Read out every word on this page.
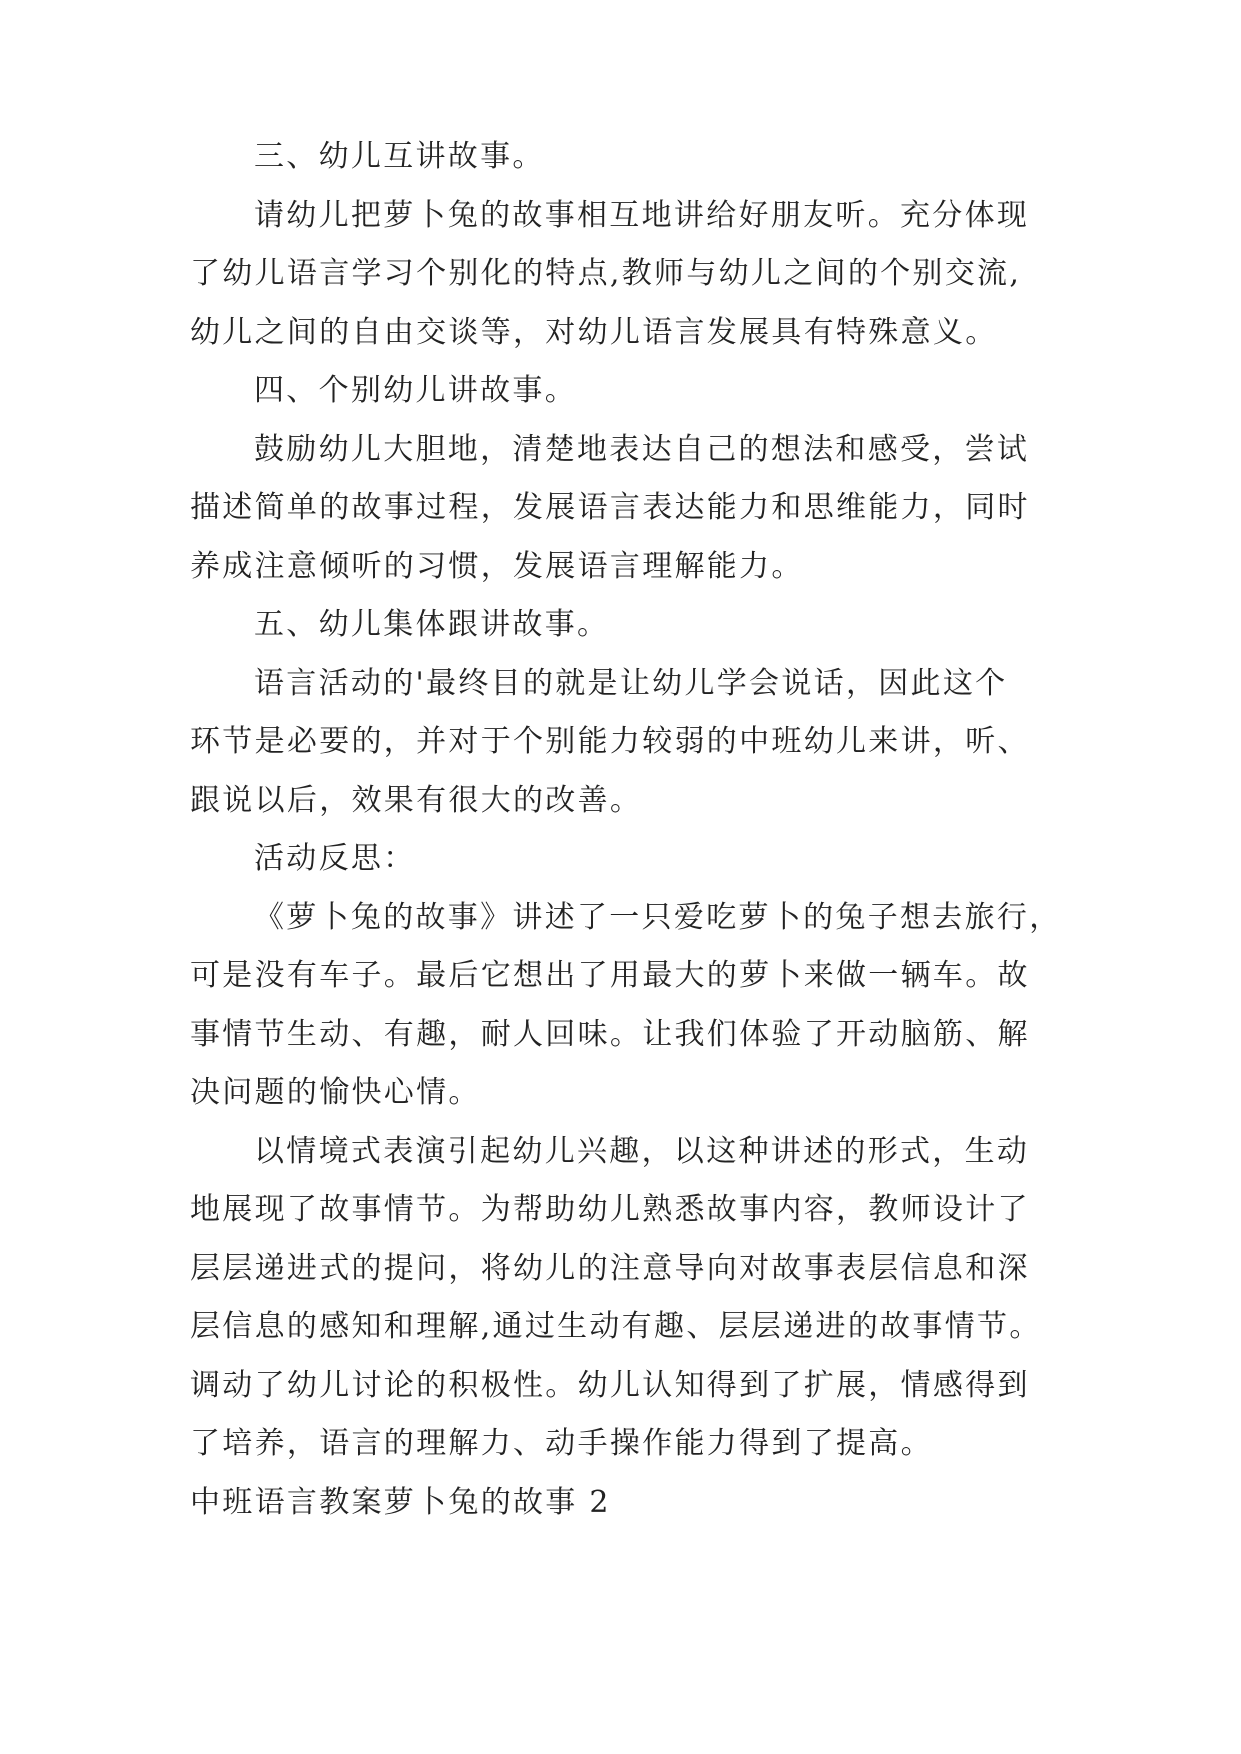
三、幼儿互讲故事。
请幼儿把萝卜兔的故事相互地讲给好朋友听。充分体现
了幼儿语言学习个别化的特点,教师与幼儿之间的个别交流,
幼儿之间的自由交谈等，对幼儿语言发展具有特殊意义。
四、个别幼儿讲故事。
鼓励幼儿大胆地，清楚地表达自己的想法和感受，尝试
描述简单的故事过程，发展语言表达能力和思维能力，同时
养成注意倾听的习惯，发展语言理解能力。
五、幼儿集体跟讲故事。
语言活动的'最终目的就是让幼儿学会说话，因此这个
环节是必要的，并对于个别能力较弱的中班幼儿来讲，听、
跟说以后，效果有很大的改善。
活动反思：
《萝卜兔的故事》讲述了一只爱吃萝卜的兔子想去旅行，
可是没有车子。最后它想出了用最大的萝卜来做一辆车。故
事情节生动、有趣，耐人回味。让我们体验了开动脑筋、解
决问题的愉快心情。
以情境式表演引起幼儿兴趣，以这种讲述的形式，生动
地展现了故事情节。为帮助幼儿熟悉故事内容，教师设计了
层层递进式的提问，将幼儿的注意导向对故事表层信息和深
层信息的感知和理解,通过生动有趣、层层递进的故事情节。
调动了幼儿讨论的积极性。幼儿认知得到了扩展，情感得到
了培养，语言的理解力、动手操作能力得到了提高。
中班语言教案萝卜兔的故事 2
